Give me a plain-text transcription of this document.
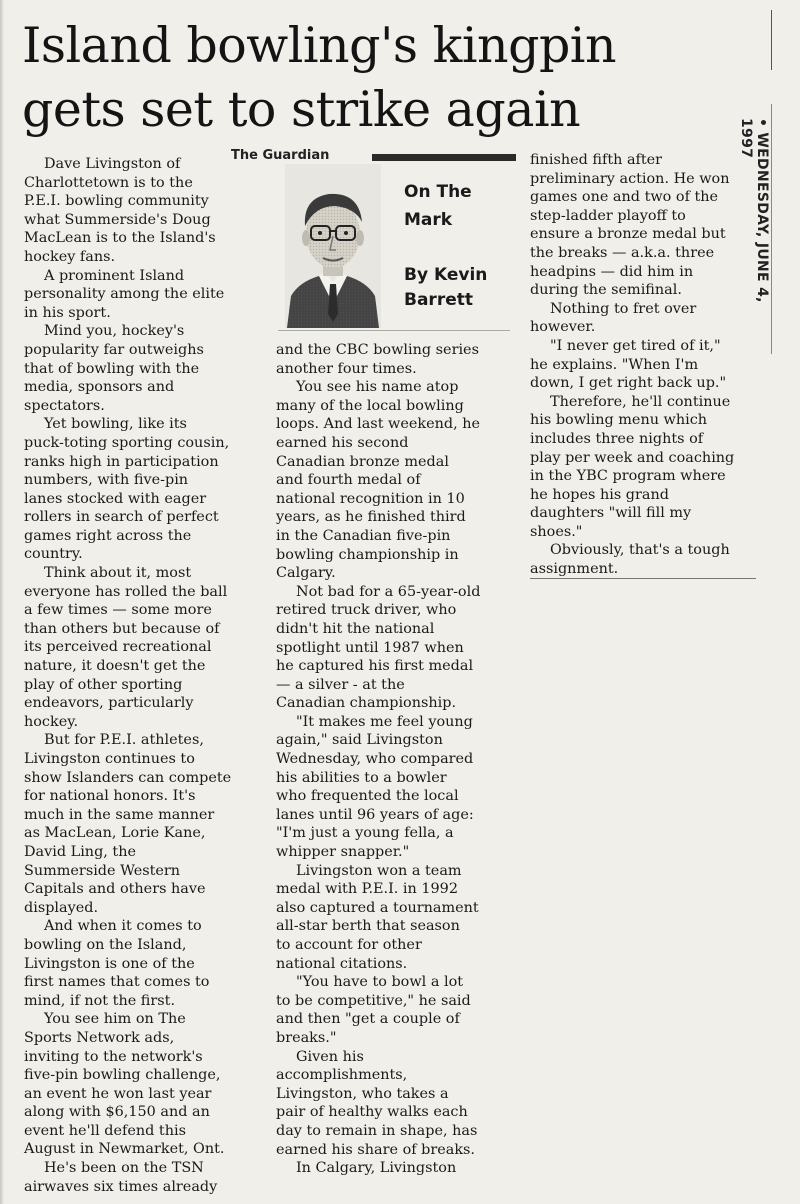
Island bowling's kingpin
gets set to strike again
• WEDNESDAY, JUNE 4, 1997
The Guardian
On The
Mark
By Kevin
Barrett

Dave Livingston of

Charlottetown is to the

P.E.I. bowling community

what Summerside's Doug

MacLean is to the Island's

hockey fans.

A prominent Island

personality among the elite

in his sport.

Mind you, hockey's

popularity far outweighs

that of bowling with the

media, sponsors and

spectators.

Yet bowling, like its

puck-toting sporting cousin,

ranks high in participation

numbers, with five-pin

lanes stocked with eager

rollers in search of perfect

games right across the

country.

Think about it, most

everyone has rolled the ball

a few times — some more

than others but because of

its perceived recreational

nature, it doesn't get the

play of other sporting

endeavors, particularly

hockey.

But for P.E.I. athletes,

Livingston continues to

show Islanders can compete

for national honors. It's

much in the same manner

as MacLean, Lorie Kane,

David Ling, the

Summerside Western

Capitals and others have

displayed.

And when it comes to

bowling on the Island,

Livingston is one of the

first names that comes to

mind, if not the first.

You see him on The

Sports Network ads,

inviting to the network's

five-pin bowling challenge,

an event he won last year

along with $6,150 and an

event he'll defend this

August in Newmarket, Ont.

He's been on the TSN

airwaves six times already

and the CBC bowling series

another four times.

You see his name atop

many of the local bowling

loops. And last weekend, he

earned his second

Canadian bronze medal

and fourth medal of

national recognition in 10

years, as he finished third

in the Canadian five-pin

bowling championship in

Calgary.

Not bad for a 65-year-old

retired truck driver, who

didn't hit the national

spotlight until 1987 when

he captured his first medal

— a silver - at the

Canadian championship.

"It makes me feel young

again," said Livingston

Wednesday, who compared

his abilities to a bowler

who frequented the local

lanes until 96 years of age:

"I'm just a young fella, a

whipper snapper."

Livingston won a team

medal with P.E.I. in 1992

also captured a tournament

all-star berth that season

to account for other

national citations.

"You have to bowl a lot

to be competitive," he said

and then "get a couple of

breaks."

Given his

accomplishments,

Livingston, who takes a

pair of healthy walks each

day to remain in shape, has

earned his share of breaks.

In Calgary, Livingston

finished fifth after

preliminary action. He won

games one and two of the

step-ladder playoff to

ensure a bronze medal but

the breaks — a.k.a. three

headpins — did him in

during the semifinal.

Nothing to fret over

however.

"I never get tired of it,"

he explains. "When I'm

down, I get right back up."

Therefore, he'll continue

his bowling menu which

includes three nights of

play per week and coaching

in the YBC program where

he hopes his grand

daughters "will fill my

shoes."

Obviously, that's a tough

assignment.
